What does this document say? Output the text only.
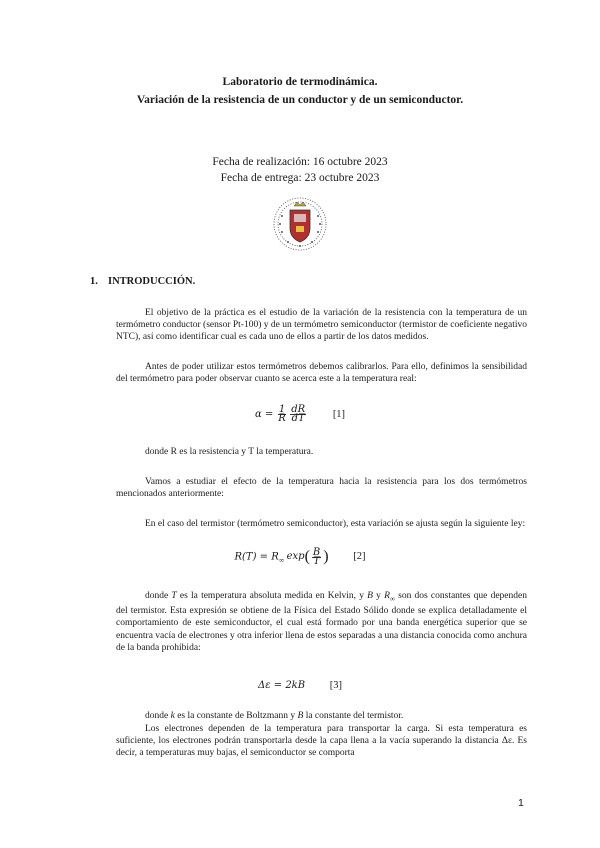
Laboratorio de termodinámica.
Variación de la resistencia de un conductor y de un semiconductor.
Fecha de realización: 16 octubre 2023
Fecha de entrega: 23 octubre 2023
1. INTRODUCCIÓN.
El objetivo de la práctica es el estudio de la variación de la resistencia con la temperatura de un termómetro conductor (sensor Pt-100) y de un termómetro semiconductor (termistor de coeficiente negativo NTC), así como identificar cual es cada uno de ellos a partir de los datos medidos.
Antes de poder utilizar estos termómetros debemos calibrarlos. Para ello, definimos la sensibilidad del termómetro para poder observar cuanto se acerca este a la temperatura real:
$\alpha = \frac{1}{R} \frac{dR}{dT}$	[1]
donde R es la resistencia y T la temperatura.
Vamos a estudiar el efecto de la temperatura hacia la resistencia para los dos termómetros mencionados anteriormente:
En el caso del termistor (termómetro semiconductor), esta variación se ajusta según la siguiente ley:
$R(T) = R_\infty$ $\exp( \frac{B}{T}$ ) [2]
donde T es la temperatura absoluta medida en Kelvin, y B y $R_\infty$ son dos constantes que dependen del termistor. Esta expresión se obtiene de la Física del Estado Sólido donde se explica detalladamente el comportamiento de este semiconductor, el cual está formado por una banda energética superior que se encuentra vacía de electrones y otra inferior llena de estos separadas a una distancia conocida como anchura de la banda prohibida:
Δε = 2kB [3]
donde k es la constante de Boltzmann y B la constante del termistor.
Los electrones dependen de la temperatura para transportar la carga. Si esta temperatura es suficiente, los electrones podrán transportarla desde la capa llena a la vacía superando la distancia Δε. Es decir, a temperaturas muy bajas, el semiconductor se comporta
1
